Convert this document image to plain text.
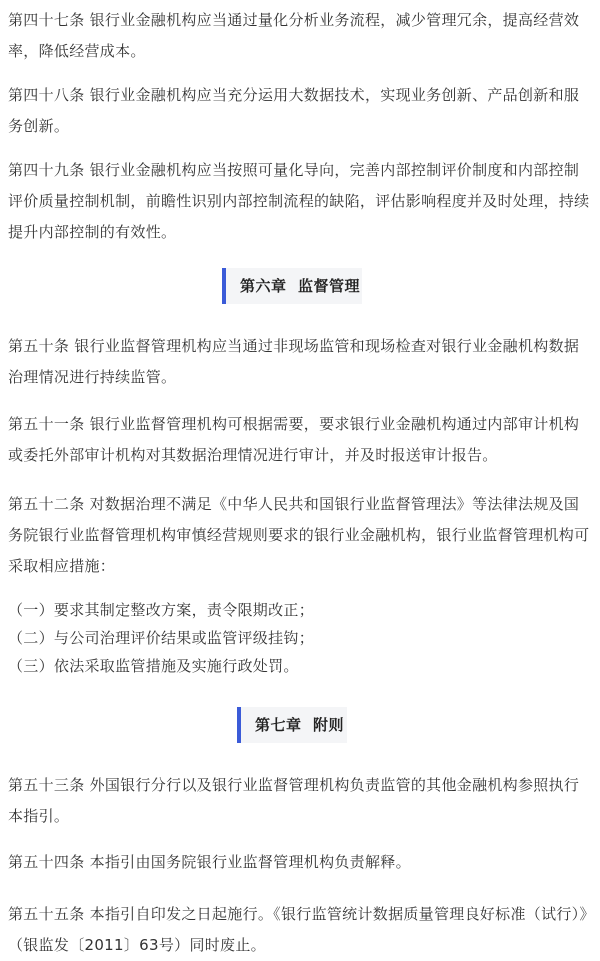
第四十七条 银行业金融机构应当通过量化分析业务流程，减少管理冗余，提高经营效率，降低经营成本。

第四十八条 银行业金融机构应当充分运用大数据技术，实现业务创新、产品创新和服务创新。

第四十九条 银行业金融机构应当按照可量化导向，完善内部控制评价制度和内部控制评价质量控制机制，前瞻性识别内部控制流程的缺陷，评估影响程度并及时处理，持续提升内部控制的有效性。

第六章  监督管理

第五十条 银行业监督管理机构应当通过非现场监管和现场检查对银行业金融机构数据治理情况进行持续监管。

第五十一条 银行业监督管理机构可根据需要，要求银行业金融机构通过内部审计机构或委托外部审计机构对其数据治理情况进行审计，并及时报送审计报告。

第五十二条 对数据治理不满足《中华人民共和国银行业监督管理法》等法律法规及国务院银行业监督管理机构审慎经营规则要求的银行业金融机构，银行业监督管理机构可采取相应措施：

（一）要求其制定整改方案，责令限期改正；

（二）与公司治理评价结果或监管评级挂钩；

（三）依法采取监管措施及实施行政处罚。

第七章  附则

第五十三条 外国银行分行以及银行业监督管理机构负责监管的其他金融机构参照执行本指引。

第五十四条 本指引由国务院银行业监督管理机构负责解释。

第五十五条 本指引自印发之日起施行。《银行监管统计数据质量管理良好标准（试行）》（银监发〔2011〕63号）同时废止。
